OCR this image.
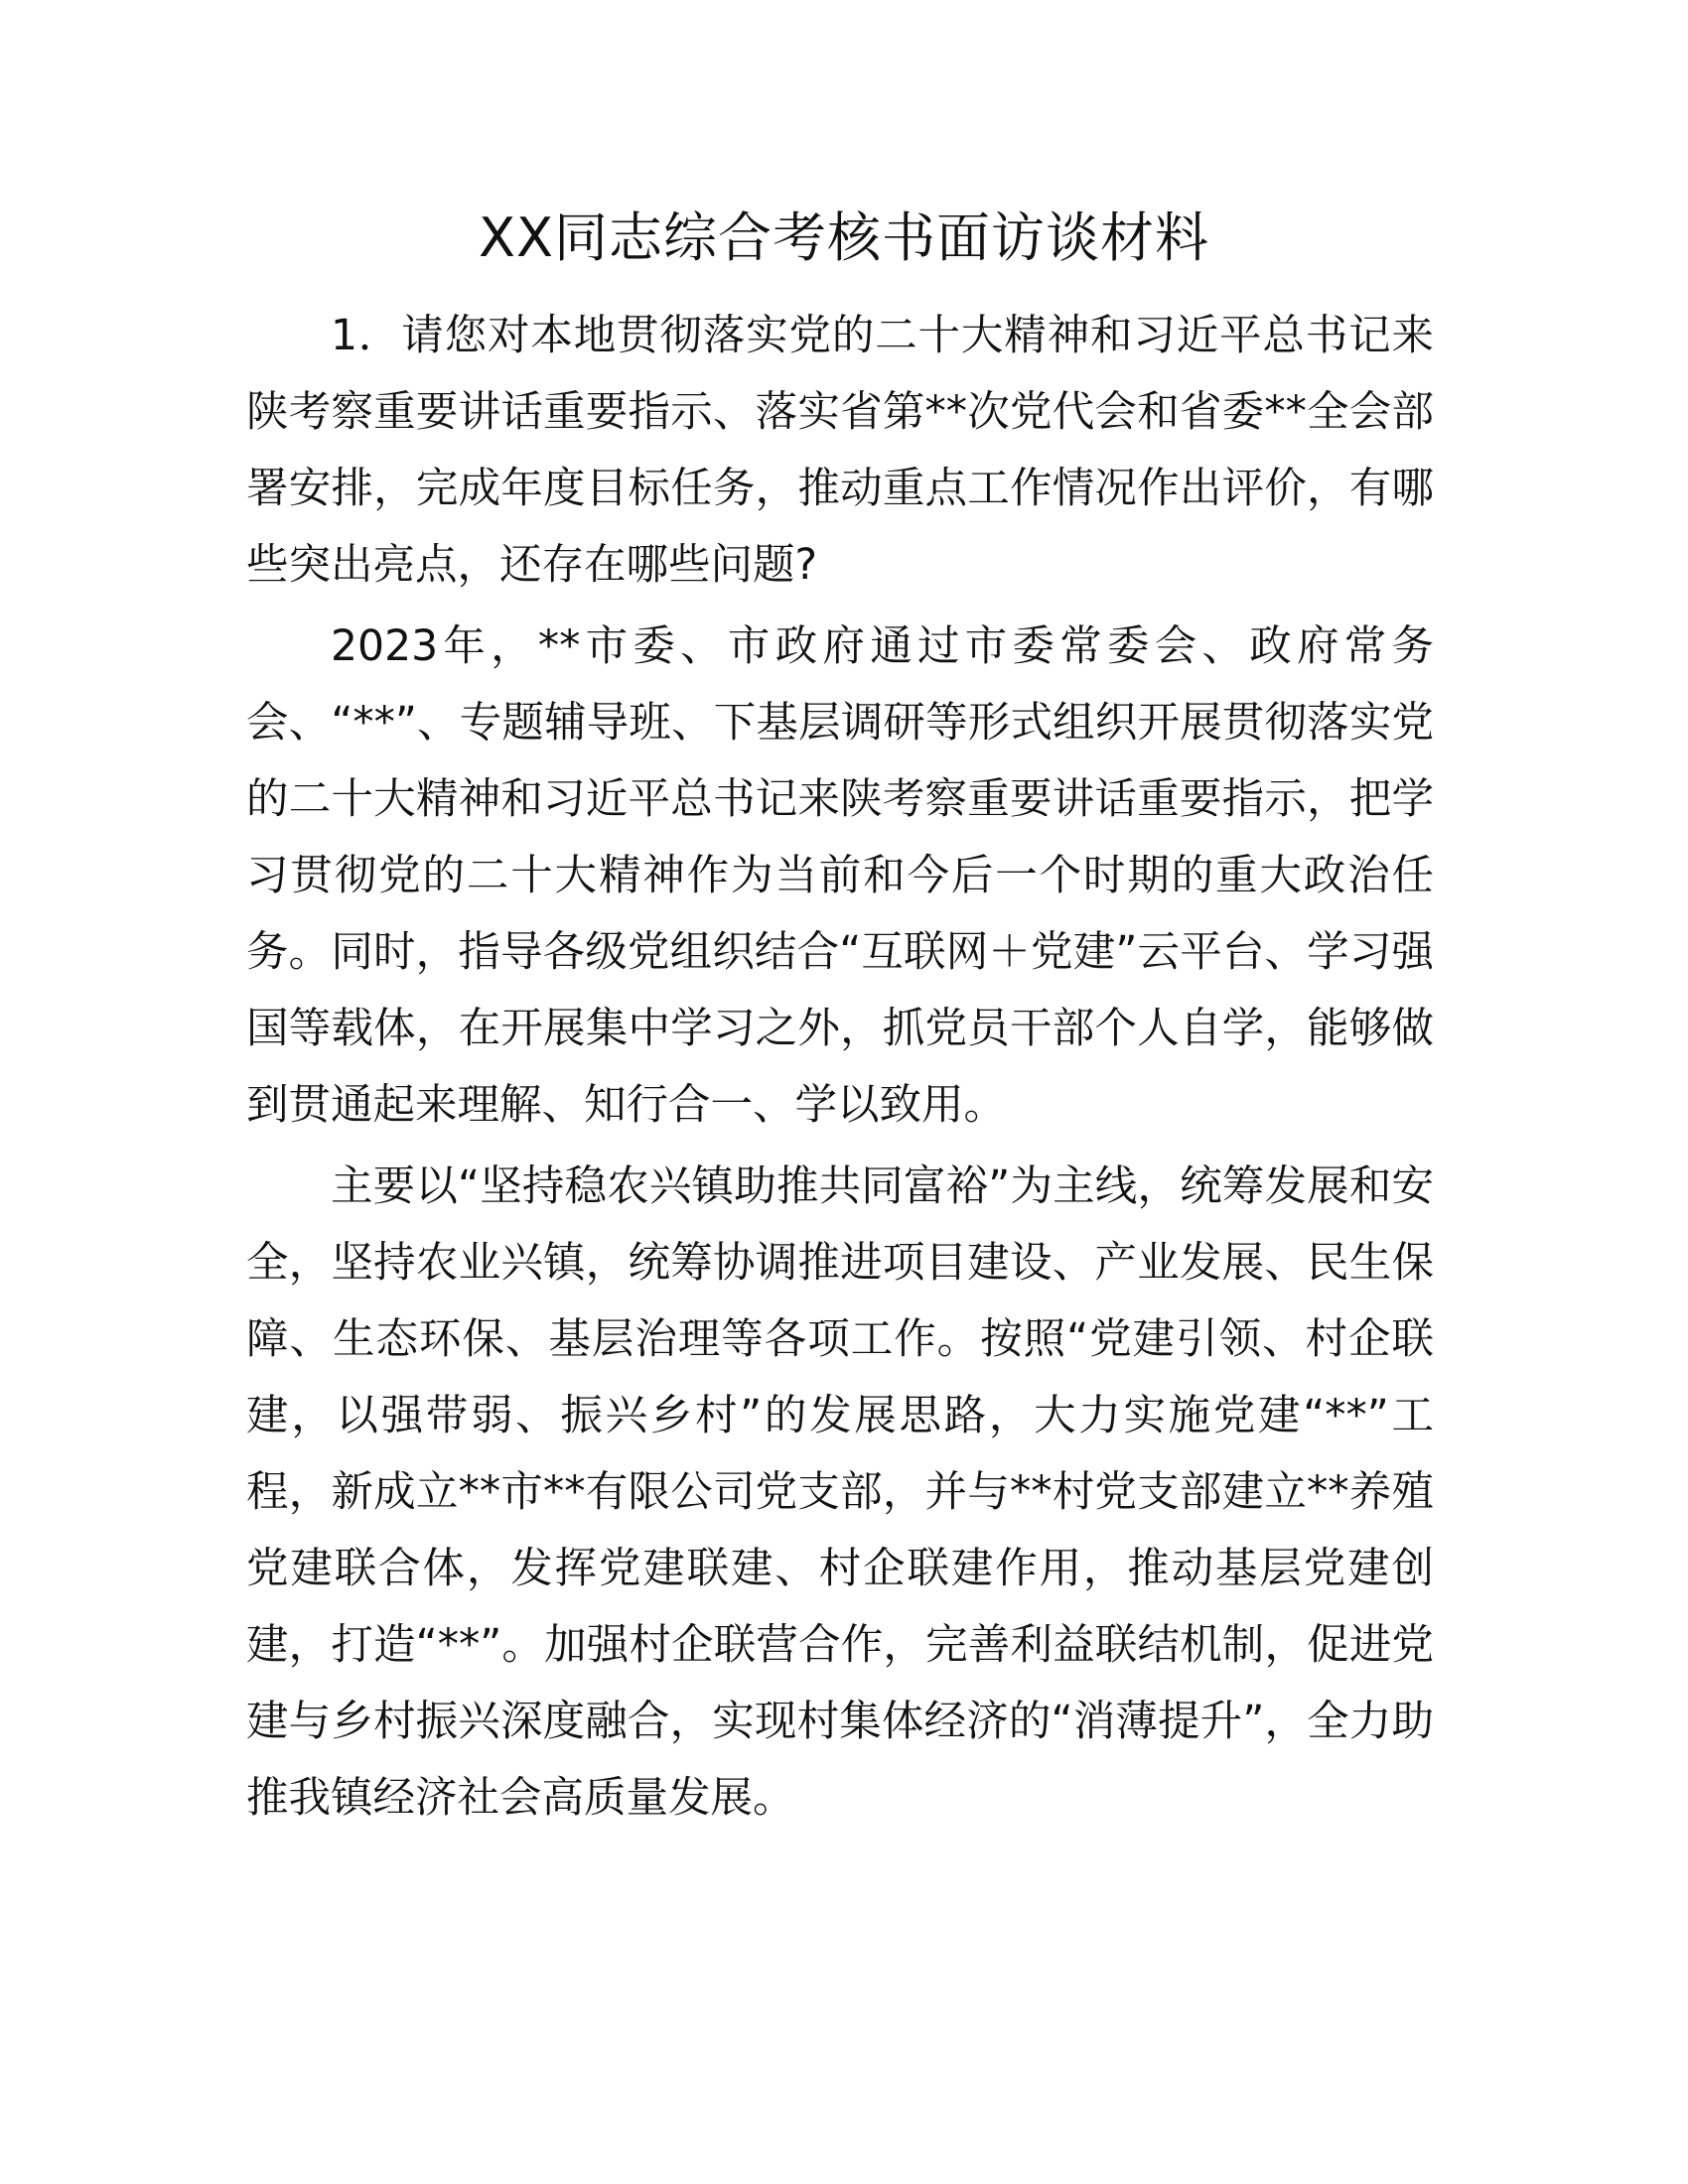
XX同志综合考核书面访谈材料

1．请您对本地贯彻落实党的二十大精神和习近平总书记来陕考察重要讲话重要指示、落实省第**次党代会和省委**全会部署安排，完成年度目标任务，推动重点工作情况作出评价，有哪些突出亮点，还存在哪些问题?

2023年，**市委、市政府通过市委常委会、政府常务会、“**”、专题辅导班、下基层调研等形式组织开展贯彻落实党的二十大精神和习近平总书记来陕考察重要讲话重要指示，把学习贯彻党的二十大精神作为当前和今后一个时期的重大政治任务。同时，指导各级党组织结合“互联网＋党建”云平台、学习强国等载体，在开展集中学习之外，抓党员干部个人自学，能够做到贯通起来理解、知行合一、学以致用。

主要以“坚持稳农兴镇助推共同富裕”为主线，统筹发展和安全，坚持农业兴镇，统筹协调推进项目建设、产业发展、民生保障、生态环保、基层治理等各项工作。按照“党建引领、村企联建，以强带弱、振兴乡村”的发展思路，大力实施党建“**”工程，新成立**市**有限公司党支部，并与**村党支部建立**养殖党建联合体，发挥党建联建、村企联建作用，推动基层党建创建，打造“**”。加强村企联营合作，完善利益联结机制，促进党建与乡村振兴深度融合，实现村集体经济的“消薄提升”，全力助推我镇经济社会高质量发展。
